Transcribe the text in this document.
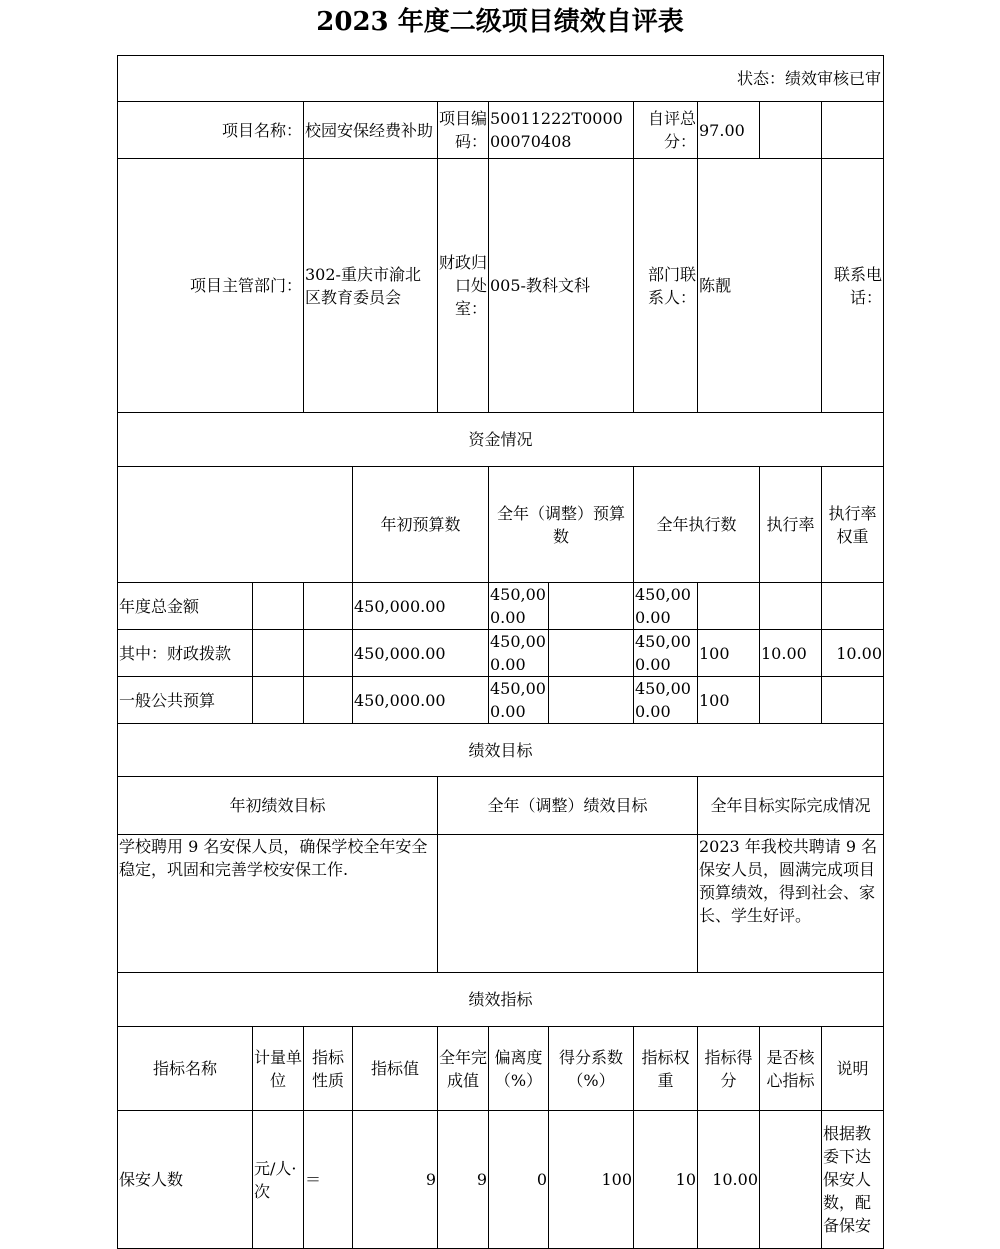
2023 年度二级项目绩效自评表
状态：绩效审核已审											
项目名称：		校园安保经费补助		项目编码：	50011222T000000070408		自评总分：	97.00			
项目主管部门：		302-重庆市渝北区教育委员会		财政归口处室：	005-教科文科		部门联系人：	陈靓		联系电话：	
资金情况											
			年初预算数		全年（调整）预算数		全年执行数		执行率	执行率权重	
年度总金额			450,000.00		450,000.00		450,000.00				
其中：财政拨款			450,000.00		450,000.00		450,000.00	100	10.00	10.00	
一般公共预算			450,000.00		450,000.00		450,000.00	100			
绩效目标											
年初绩效目标				全年（调整）绩效目标				全年目标实际完成情况			
学校聘用 9 名安保人员，确保学校全年安全稳定，巩固和完善学校安保工作.								2023 年我校共聘请 9 名保安人员，圆满完成项目预算绩效，得到社会、家长、学生好评。			
绩效指标											
指标名称	计量单位	指标性质	指标值	全年完成值	偏离度（%）	得分系数（%）	指标权重	指标得分	是否核心指标	说明	
保安人数	元/人·次	＝	9	9	0	100	10	10.00		根据教委下达保安人数，配备保安	
